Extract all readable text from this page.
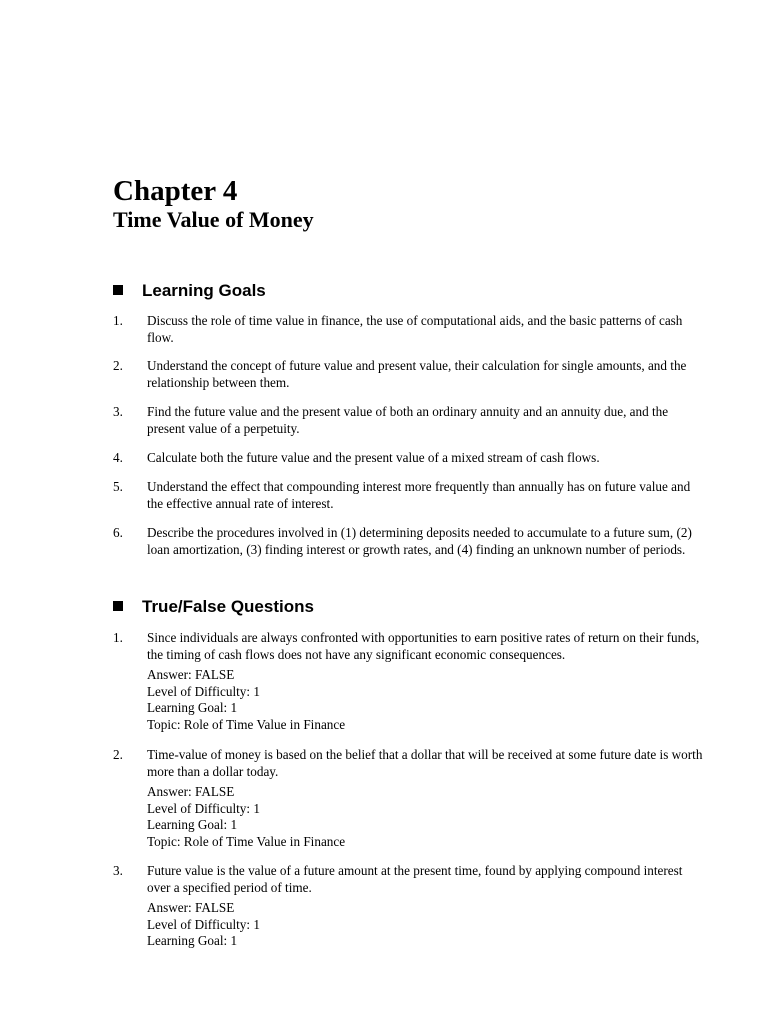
Chapter 4
Time Value of Money
Learning Goals
1.	Discuss the role of time value in finance, the use of computational aids, and the basic patterns of cash flow.
2.	Understand the concept of future value and present value, their calculation for single amounts, and the relationship between them.
3.	Find the future value and the present value of both an ordinary annuity and an annuity due, and the present value of a perpetuity.
4.	Calculate both the future value and the present value of a mixed stream of cash flows.
5.	Understand the effect that compounding interest more frequently than annually has on future value and the effective annual rate of interest.
6.	Describe the procedures involved in (1) determining deposits needed to accumulate to a future sum, (2) loan amortization, (3) finding interest or growth rates, and (4) finding an unknown number of periods.
True/False Questions
1.	Since individuals are always confronted with opportunities to earn positive rates of return on their funds, the timing of cash flows does not have any significant economic consequences.
Answer: FALSE
Level of Difficulty: 1
Learning Goal: 1
Topic: Role of Time Value in Finance
2.	Time-value of money is based on the belief that a dollar that will be received at some future date is worth more than a dollar today.
Answer: FALSE
Level of Difficulty: 1
Learning Goal: 1
Topic: Role of Time Value in Finance
3.	Future value is the value of a future amount at the present time, found by applying compound interest over a specified period of time.
Answer: FALSE
Level of Difficulty: 1
Learning Goal: 1
